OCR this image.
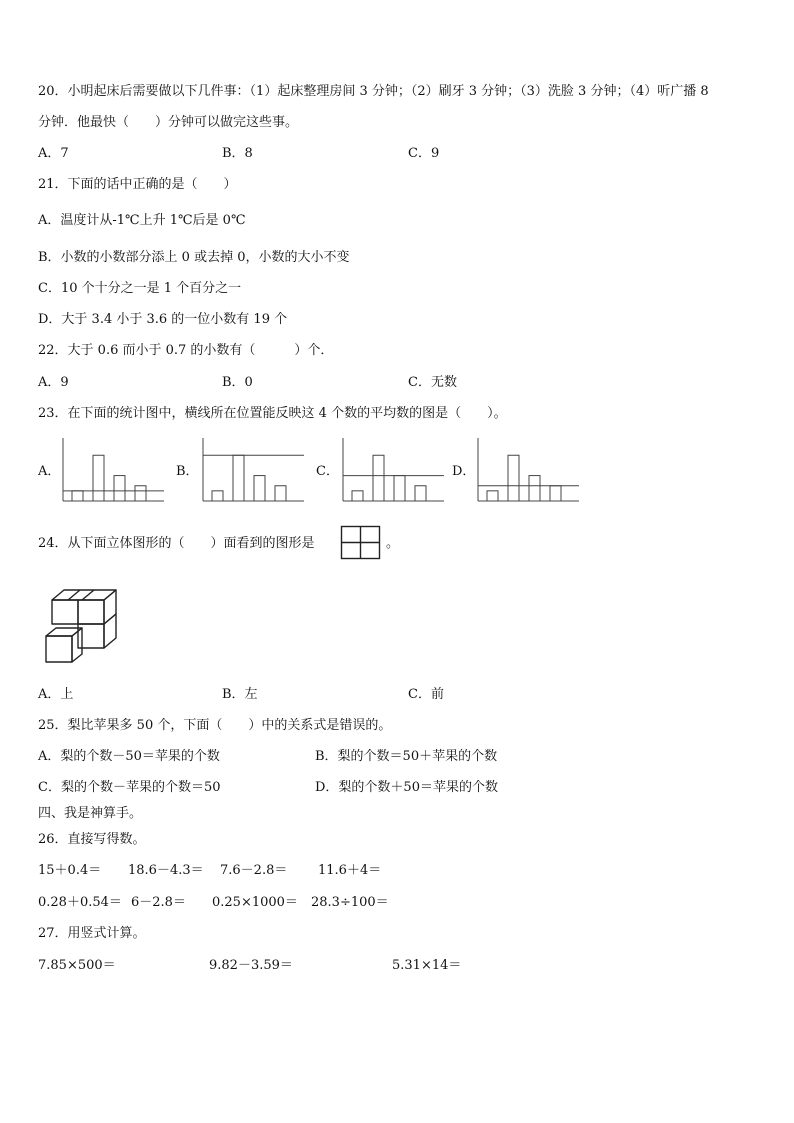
20．小明起床后需要做以下几件事：（1）起床整理房间 3 分钟；（2）刷牙 3 分钟；（3）洗脸 3 分钟；（4）听广播 8
分钟．他最快（　　）分钟可以做完这些事。
A．7	B．8	C．9
21．下面的话中正确的是（　　）
A．温度计从-1℃上升 1℃后是 0℃
B．小数的小数部分添上 0 或去掉 0，小数的大小不变
C．10 个十分之一是 1 个百分之一
D．大于 3.4 小于 3.6 的一位小数有 19 个
22．大于 0.6 而小于 0.7 的小数有（　　　）个．
A．9	B．0	C．无数
23．在下面的统计图中，横线所在位置能反映这 4 个数的平均数的图是（　　）。
A．	B．	C．	D．
24．从下面立体图形的（　　）面看到的图形是	。
A．上	B．左	C．前
25．梨比苹果多 50 个，下面（　　）中的关系式是错误的。
A．梨的个数－50＝苹果的个数	B．梨的个数＝50＋苹果的个数
C．梨的个数－苹果的个数＝50	D．梨的个数＋50＝苹果的个数
四、我是神算手。
26．直接写得数。
15＋0.4＝ 18.6－4.3＝ 7.6－2.8＝ 11.6＋4＝
0.28＋0.54＝ 6－2.8＝ 0.25×1000＝ 28.3÷100＝
27．用竖式计算。
7.85×500＝	9.82－3.59＝	5.31×14＝
